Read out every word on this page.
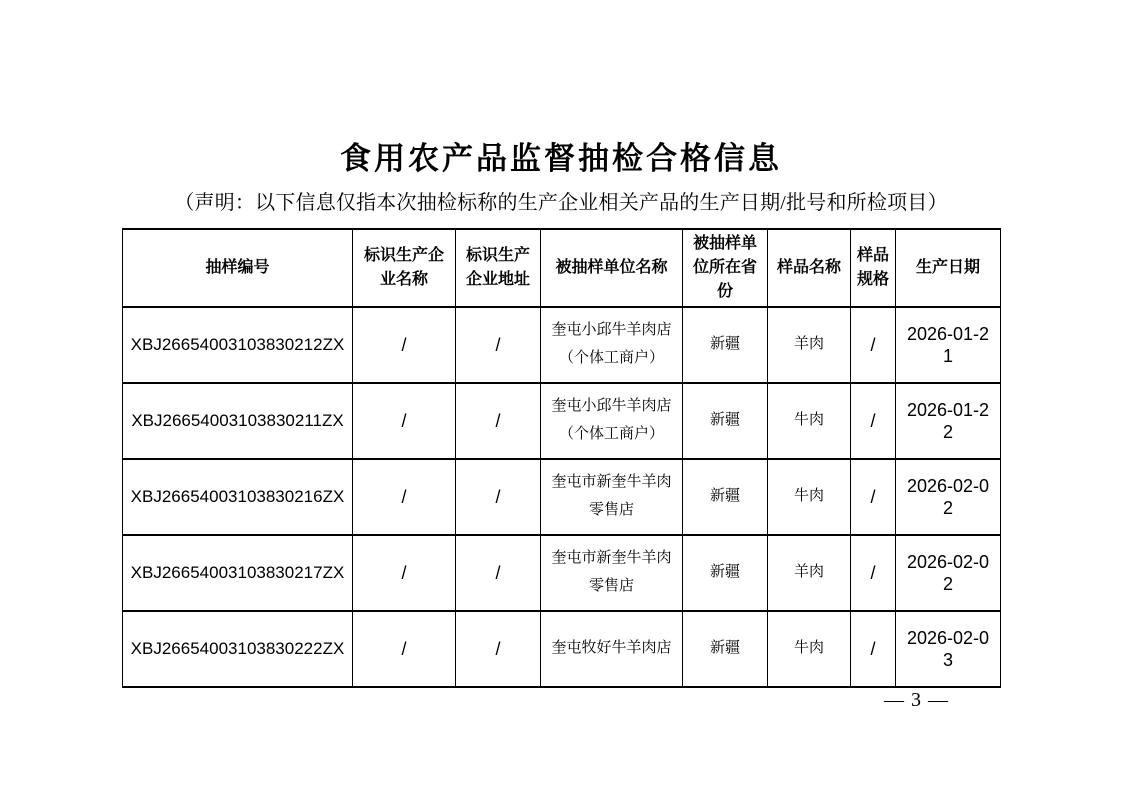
食用农产品监督抽检合格信息
（声明：以下信息仅指本次抽检标称的生产企业相关产品的生产日期/批号和所检项目）
抽样编号	标识生产企业名称	标识生产企业地址	被抽样单位名称	被抽样单位所在省份	样品名称	样品规格	生产日期
XBJ26654003103830212ZX	/	/	奎屯小邱牛羊肉店（个体工商户）	新疆	羊肉	/	2026-01-21

XBJ26654003103830211ZX	/	/	奎屯小邱牛羊肉店（个体工商户）	新疆	牛肉	/	2026-01-22

XBJ26654003103830216ZX	/	/	奎屯市新奎牛羊肉零售店	新疆	牛肉	/	2026-02-02

XBJ26654003103830217ZX	/	/	奎屯市新奎牛羊肉零售店	新疆	羊肉	/	2026-02-02

XBJ26654003103830222ZX	/	/	奎屯牧好牛羊肉店	新疆	牛肉	/	2026-02-03
— 3 —
